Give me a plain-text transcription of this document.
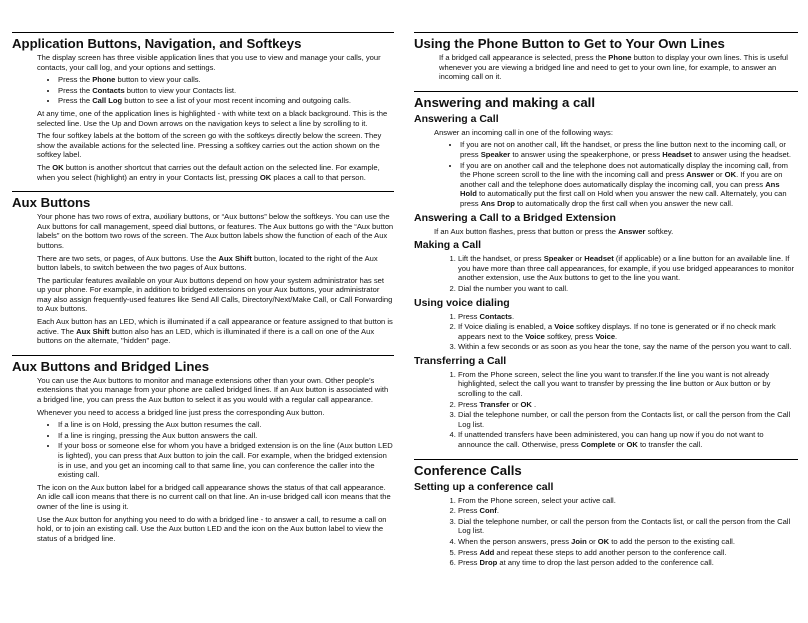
Application Buttons, Navigation, and Softkeys
The display screen has three visible application lines that you use to view and manage your calls, your contacts, your call log, and your options and settings.
• Press the Phone button to view your calls.
• Press the Contacts button to view your Contacts list.
• Press the Call Log button to see a list of your most recent incoming and outgoing calls.
At any time, one of the application lines is highlighted - with white text on a black background. This is the selected line. Use the Up and Down arrows on the navigation keys to select a line by scrolling to it.
The four softkey labels at the bottom of the screen go with the softkeys directly below the screen. They show the available actions for the selected line. Pressing a softkey carries out the action shown on the softkey label.
The OK button is another shortcut that carries out the default action on the selected line. For example, when you select (highlight) an entry in your Contacts list, pressing OK places a call to that person.
Aux Buttons
Your phone has two rows of extra, auxiliary buttons, or “Aux buttons” below the softkeys. You can use the Aux buttons for call management, speed dial buttons, or features. The Aux buttons go with the “Aux button labels” on the bottom two rows of the screen. The Aux button labels show the function of each of the Aux buttons.
There are two sets, or pages, of Aux buttons. Use the Aux Shift button, located to the right of the Aux button labels, to switch between the two pages of Aux buttons.
The particular features available on your Aux buttons depend on how your system administrator has set up your phone. For example, in addition to bridged extensions on your Aux buttons, your administrator may also assign frequently-used features like Send All Calls, Directory/Next/Make Call, or Call Forwarding to Aux buttons.
Each Aux button has an LED, which is illuminated if a call appearance or feature assigned to that button is active. The Aux Shift button also has an LED, which is illuminated if there is a call on one of the Aux buttons on the alternate, "hidden" page.
Aux Buttons and Bridged Lines
You can use the Aux buttons to monitor and manage extensions other than your own. Other people’s extensions that you manage from your phone are called bridged lines. If an Aux button is associated with a bridged line, you can press the Aux button to select it as you would with a regular call appearance.
Whenever you need to access a bridged line just press the corresponding Aux button.
• If a line is on Hold, pressing the Aux button resumes the call.
• If a line is ringing, pressing the Aux button answers the call.
• If your boss or someone else for whom you have a bridged extension is on the line (Aux button LED is lighted), you can press that Aux button to join the call. For example, when the bridged extension is in use, and you get an incoming call to that same line, you can conference the caller into the existing call.
The icon on the Aux button label for a bridged call appearance shows the status of that call appearance. An idle call icon means that there is no current call on that line. An in-use bridged call icon means that the owner of the line is using it.
Use the Aux button for anything you need to do with a bridged line - to answer a call, to resume a call on hold, or to join an existing call. Use the Aux button LED and the icon on the Aux button label to view the status of a bridged line.
Using the Phone Button to Get to Your Own Lines
If a bridged call appearance is selected, press the Phone button to display your own lines. This is useful whenever you are viewing a bridged line and need to get to your own line, for example, to answer an incoming call on it.
Answering and making a call
Answering a Call
Answer an incoming call in one of the following ways:
• If you are not on another call, lift the handset, or press the line button next to the incoming call, or press Speaker to answer using the speakerphone, or press Headset to answer using the headset.
• If you are on another call and the telephone does not automatically display the incoming call, from the Phone screen scroll to the line with the incoming call and press Answer or OK. If you are on another call and the telephone does automatically display the incoming call, you can press Ans Hold to automatically put the first call on Hold when you answer the new call. Alternately, you can press Ans Drop to automatically drop the first call when you answer the new call.
Answering a Call to a Bridged Extension
If an Aux button flashes, press that button or press the Answer softkey.
Making a Call
1. Lift the handset, or press Speaker or Headset (if applicable) or a line button for an available line. If you have more than three call appearances, for example, if you use bridged appearances to monitor another extension, use the Aux buttons to get to the line you want.
2. Dial the number you want to call.
Using voice dialing
1. Press Contacts.
2. If Voice dialing is enabled, a Voice softkey displays. If no tone is generated or if no check mark appears next to the Voice softkey, press Voice.
3. Within a few seconds or as soon as you hear the tone, say the name of the person you want to call.
Transferring a Call
1. From the Phone screen, select the line you want to transfer.If the line you want is not already highlighted, select the call you want to transfer by pressing the line button or Aux button or by scrolling to the call.
2. Press Transfer or OK .
3. Dial the telephone number, or call the person from the Contacts list, or call the person from the Call Log list.
4. If unattended transfers have been administered, you can hang up now if you do not want to announce the call. Otherwise, press Complete or OK to transfer the call.
Conference Calls
Setting up a conference call
1. From the Phone screen, select your active call.
2. Press Conf.
3. Dial the telephone number, or call the person from the Contacts list, or call the person from the Call Log list.
4. When the person answers, press Join or OK to add the person to the existing call.
5. Press Add and repeat these steps to add another person to the conference call.
6. Press Drop at any time to drop the last person added to the conference call.
